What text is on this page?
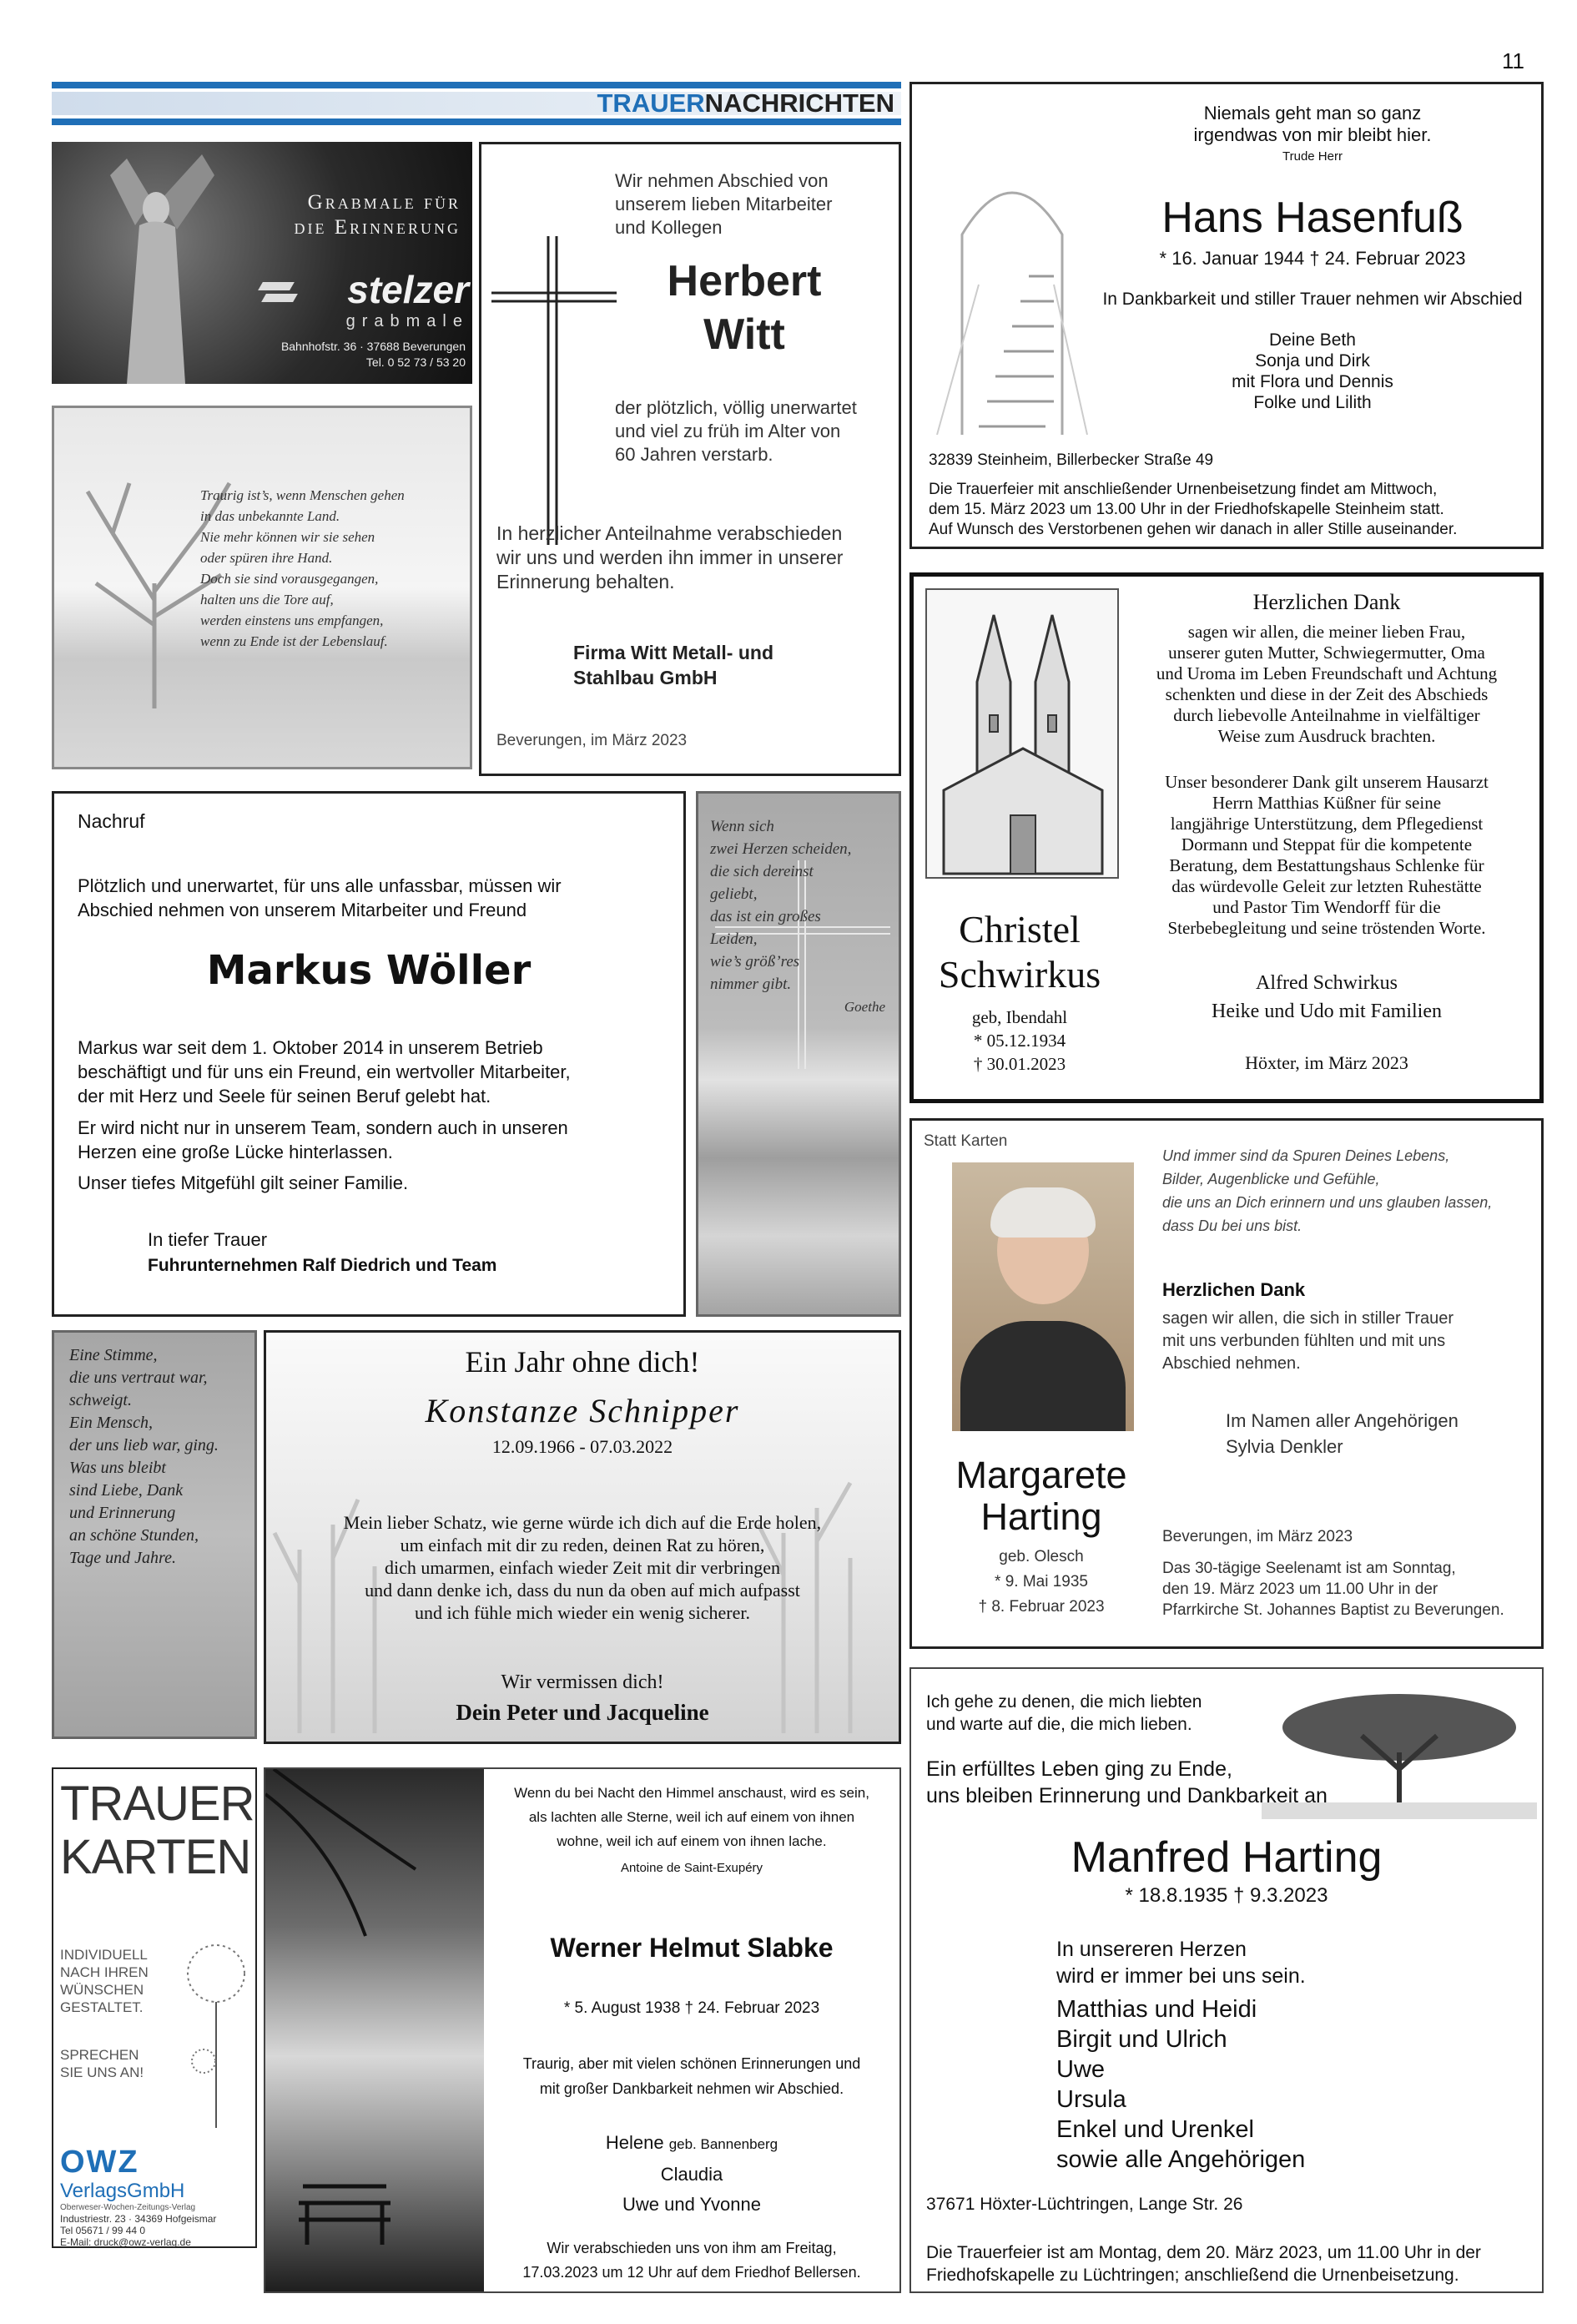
11
TRAUERNACHRICHTEN
Grabmale für
die Erinnerung
stelzer
grabmale
Bahnhofstr. 36 · 37688 Beverungen
Tel. 0 52 73 / 53 20
Traurig ist’s, wenn Menschen gehen
in das unbekannte Land.
Nie mehr können wir sie sehen
oder spüren ihre Hand.
Doch sie sind vorausgegangen,
halten uns die Tore auf,
werden einstens uns empfangen,
wenn zu Ende ist der Lebenslauf.
Wir nehmen Abschied von
unserem lieben Mitarbeiter
und Kollegen
Herbert
Witt
der plötzlich, völlig unerwartet
und viel zu früh im Alter von
60 Jahren verstarb.
In herzlicher Anteilnahme verabschieden
wir uns und werden ihn immer in unserer
Erinnerung behalten.
Firma Witt Metall- und
Stahlbau GmbH
Beverungen, im März 2023
Niemals geht man so ganz
irgendwas von mir bleibt hier.
Trude Herr
Hans Hasenfuß
* 16. Januar 1944 † 24. Februar 2023
In Dankbarkeit und stiller Trauer nehmen wir Abschied
Deine Beth
Sonja und Dirk
mit Flora und Dennis
Folke und Lilith
32839 Steinheim, Billerbecker Straße 49
Die Trauerfeier mit anschließender Urnenbeisetzung findet am Mittwoch,
dem 15. März 2023 um 13.00 Uhr in der Friedhofskapelle Steinheim statt.
Auf Wunsch des Verstorbenen gehen wir danach in aller Stille auseinander.
Christel
Schwirkus
geb, Ibendahl
* 05.12.1934
† 30.01.2023
Herzlichen Dank
sagen wir allen, die meiner lieben Frau,
unserer guten Mutter, Schwiegermutter, Oma
und Uroma im Leben Freundschaft und Achtung
schenkten und diese in der Zeit des Abschieds
durch liebevolle Anteilnahme in vielfältiger
Weise zum Ausdruck brachten.
Unser besonderer Dank gilt unserem Hausarzt
Herrn Matthias Küßner für seine
langjährige Unterstützung, dem Pflegedienst
Dormann und Steppat für die kompetente
Beratung, dem Bestattungshaus Schlenke für
das würdevolle Geleit zur letzten Ruhestätte
und Pastor Tim Wendorff für die
Sterbebegleitung und seine tröstenden Worte.
Alfred Schwirkus
Heike und Udo mit Familien
Höxter, im März 2023
Nachruf
Plötzlich und unerwartet, für uns alle unfassbar, müssen wir
Abschied nehmen von unserem Mitarbeiter und Freund
Markus Wöller
Markus war seit dem 1. Oktober 2014 in unserem Betrieb
beschäftigt und für uns ein Freund, ein wertvoller Mitarbeiter,
der mit Herz und Seele für seinen Beruf gelebt hat.
Er wird nicht nur in unserem Team, sondern auch in unseren
Herzen eine große Lücke hinterlassen.
Unser tiefes Mitgefühl gilt seiner Familie.
In tiefer Trauer
Fuhrunternehmen Ralf Diedrich und Team
Wenn sich
zwei Herzen scheiden,
die sich dereinst
geliebt,
das ist ein großes
Leiden,
wie’s größ’res
nimmer gibt.
Goethe
Statt Karten
Margarete
Harting
geb. Olesch
* 9. Mai 1935
† 8. Februar 2023
Und immer sind da Spuren Deines Lebens,
Bilder, Augenblicke und Gefühle,
die uns an Dich erinnern und uns glauben lassen,
dass Du bei uns bist.
Herzlichen Dank
sagen wir allen, die sich in stiller Trauer
mit uns verbunden fühlten und mit uns
Abschied nehmen.
Im Namen aller Angehörigen
Sylvia Denkler
Beverungen, im März 2023
Das 30-tägige Seelenamt ist am Sonntag,
den 19. März 2023 um 11.00 Uhr in der
Pfarrkirche St. Johannes Baptist zu Beverungen.
Eine Stimme,
die uns vertraut war,
schweigt.
Ein Mensch,
der uns lieb war, ging.
Was uns bleibt
sind Liebe, Dank
und Erinnerung
an schöne Stunden,
Tage und Jahre.
Ein Jahr ohne dich!
Konstanze Schnipper
12.09.1966 - 07.03.2022
Mein lieber Schatz, wie gerne würde ich dich auf die Erde holen,
um einfach mit dir zu reden, deinen Rat zu hören,
dich umarmen, einfach wieder Zeit mit dir verbringen
und dann denke ich, dass du nun da oben auf mich aufpasst
und ich fühle mich wieder ein wenig sicherer.
Wir vermissen dich!
Dein Peter und Jacqueline
TRAUER
KARTEN
INDIVIDUELL
NACH IHREN
WÜNSCHEN
GESTALTET.
SPRECHEN
SIE UNS AN!
OWZ
VerlagsGmbH
Oberweser-Wochen-Zeitungs-Verlag
Industriestr. 23 · 34369 Hofgeismar
Tel 05671 / 99 44 0
E-Mail: druck@owz-verlag.de
Wenn du bei Nacht den Himmel anschaust, wird es sein,
als lachten alle Sterne, weil ich auf einem von ihnen
wohne, weil ich auf einem von ihnen lache.
Antoine de Saint-Exupéry
Werner Helmut Slabke
* 5. August 1938 † 24. Februar 2023
Traurig, aber mit vielen schönen Erinnerungen und
mit großer Dankbarkeit nehmen wir Abschied.
Helene geb. Bannenberg
Claudia
Uwe und Yvonne
Wir verabschieden uns von ihm am Freitag,
17.03.2023 um 12 Uhr auf dem Friedhof Bellersen.
Ich gehe zu denen, die mich liebten
und warte auf die, die mich lieben.
Ein erfülltes Leben ging zu Ende,
uns bleiben Erinnerung und Dankbarkeit an
Manfred Harting
* 18.8.1935 † 9.3.2023
In unsereren Herzen
wird er immer bei uns sein.
Matthias und Heidi
Birgit und Ulrich
Uwe
Ursula
Enkel und Urenkel
sowie alle Angehörigen
37671 Höxter-Lüchtringen, Lange Str. 26
Die Trauerfeier ist am Montag, dem 20. März 2023, um 11.00 Uhr in der
Friedhofskapelle zu Lüchtringen; anschließend die Urnenbeisetzung.
